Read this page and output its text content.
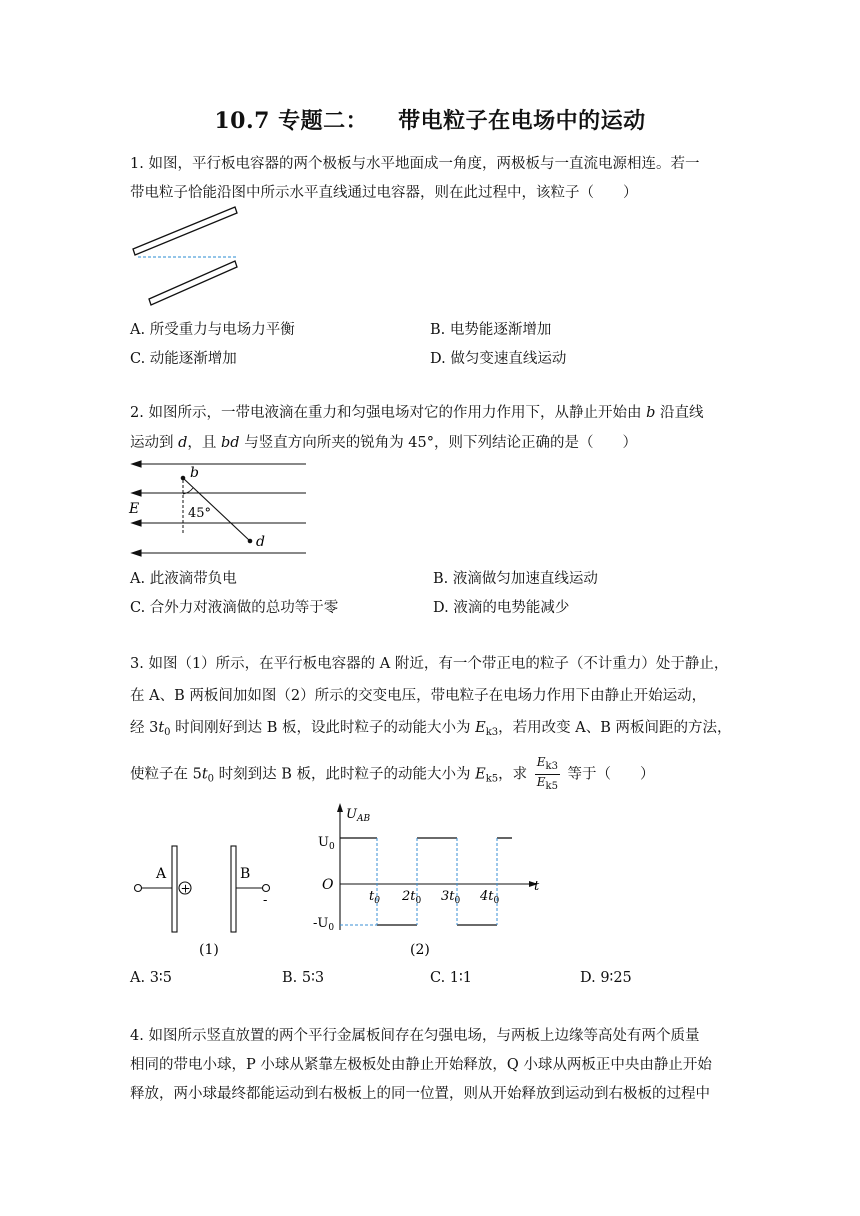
10.7 专题二： 带电粒子在电场中的运动
1. 如图，平行板电容器的两个极板与水平地面成一角度，两极板与一直流电源相连。若一
带电粒子恰能沿图中所示水平直线通过电容器，则在此过程中，该粒子（　　）
A. 所受重力与电场力平衡	B. 电势能逐渐增加
C. 动能逐渐增加	D. 做匀变速直线运动
2. 如图所示，一带电液滴在重力和匀强电场对它的作用力作用下，从静止开始由 b 沿直线
运动到 d，且 bd 与竖直方向所夹的锐角为 45°，则下列结论正确的是（　　）
b
d
E	45°
A. 此液滴带负电	B. 液滴做匀加速直线运动
C. 合外力对液滴做的总功等于零	D. 液滴的电势能减少
3. 如图（1）所示，在平行板电容器的 A 附近，有一个带正电的粒子（不计重力）处于静止，
在 A、B 两板间加如图（2）所示的交变电压，带电粒子在电场力作用下由静止开始运动，
经 $3t_0$ 时间刚好到达 B 板，设此时粒子的动能大小为 $E_{k3}$，若用改变 A、B 两板间距的方法，
使粒子在 $5t_0$ 时刻到达 B 板，此时粒子的动能大小为 $E_{k5}$，求 $\frac{E_{k3}}{E_{k5}}$ 等于（　　）
+
A	B
-
(1)
$U_{AB}$
$U_0$
$-U_0$
O	t
$t_0$ $2t_0$ $3t_0$ $4t_0$
(2)
A. 3∶5	B. 5∶3	C. 1∶1	D. 9∶25
4. 如图所示竖直放置的两个平行金属板间存在匀强电场，与两板上边缘等高处有两个质量
相同的带电小球，P 小球从紧靠左极板处由静止开始释放，Q 小球从两板正中央由静止开始
释放，两小球最终都能运动到右极板上的同一位置，则从开始释放到运动到右极板的过程中
